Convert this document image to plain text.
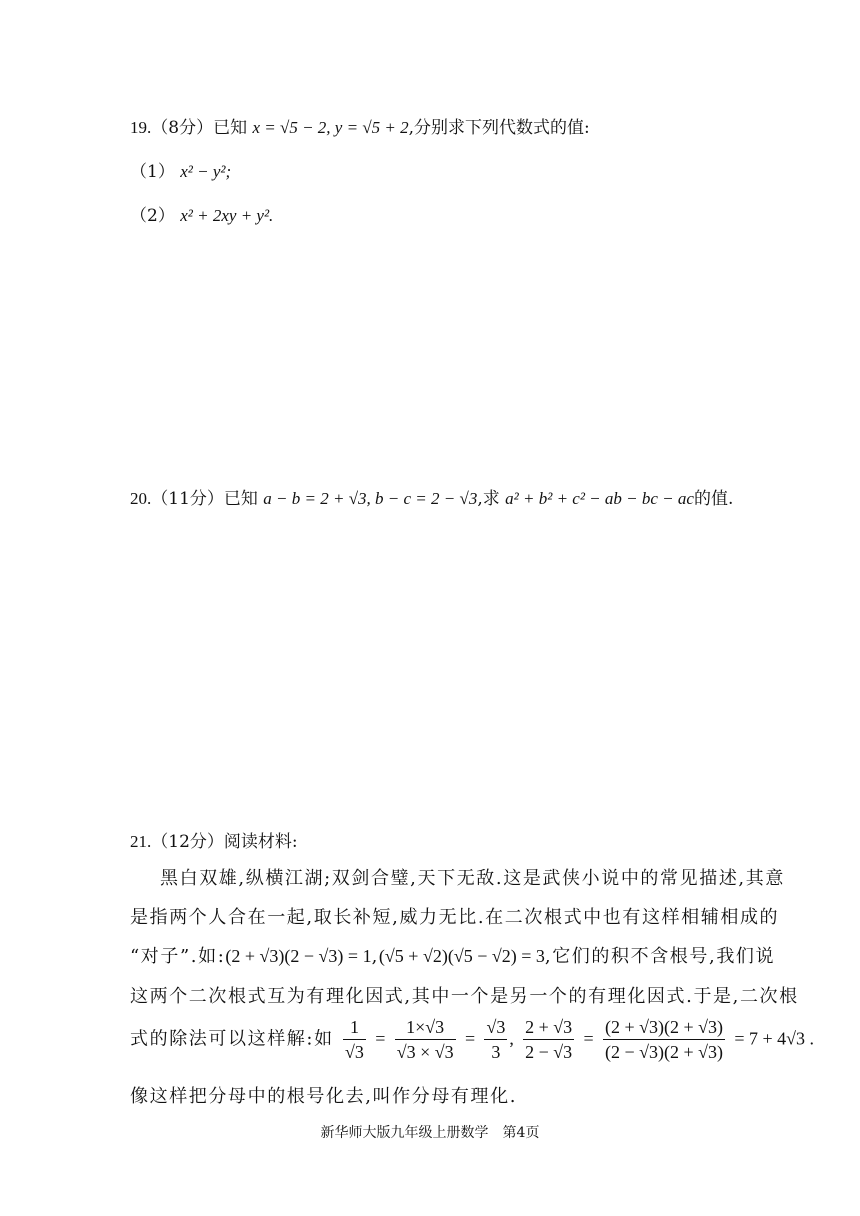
19.（8分）已知 x = √5 − 2, y = √5 + 2,分别求下列代数式的值:
（1） x² − y²;
（2） x² + 2xy + y².
20.（11分）已知 a − b = 2 + √3, b − c = 2 − √3,求 a² + b² + c² − ab − bc − ac的值.
21.（12分）阅读材料:
黑白双雄,纵横江湖;双剑合璧,天下无敌.这是武侠小说中的常见描述,其意
是指两个人合在一起,取长补短,威力无比.在二次根式中也有这样相辅相成的
“对子”.如:(2 + √3)(2 − √3) = 1,(√5 + √2)(√5 − √2) = 3,它们的积不含根号,我们说
这两个二次根式互为有理化因式,其中一个是另一个的有理化因式.于是,二次根
式的除法可以这样解:如 $\frac{1}{√3} = \frac{1\times√3}{√3 \times √3} = \frac{√3}{3}$ , $\frac{2 + √3}{2 - √3} = \frac{(2 + √3)(2 + √3)}{(2 - √3)(2 + √3)} = 7 + 4√3$ .
像这样把分母中的根号化去,叫作分母有理化.
新华师大版九年级上册数学　第4页
